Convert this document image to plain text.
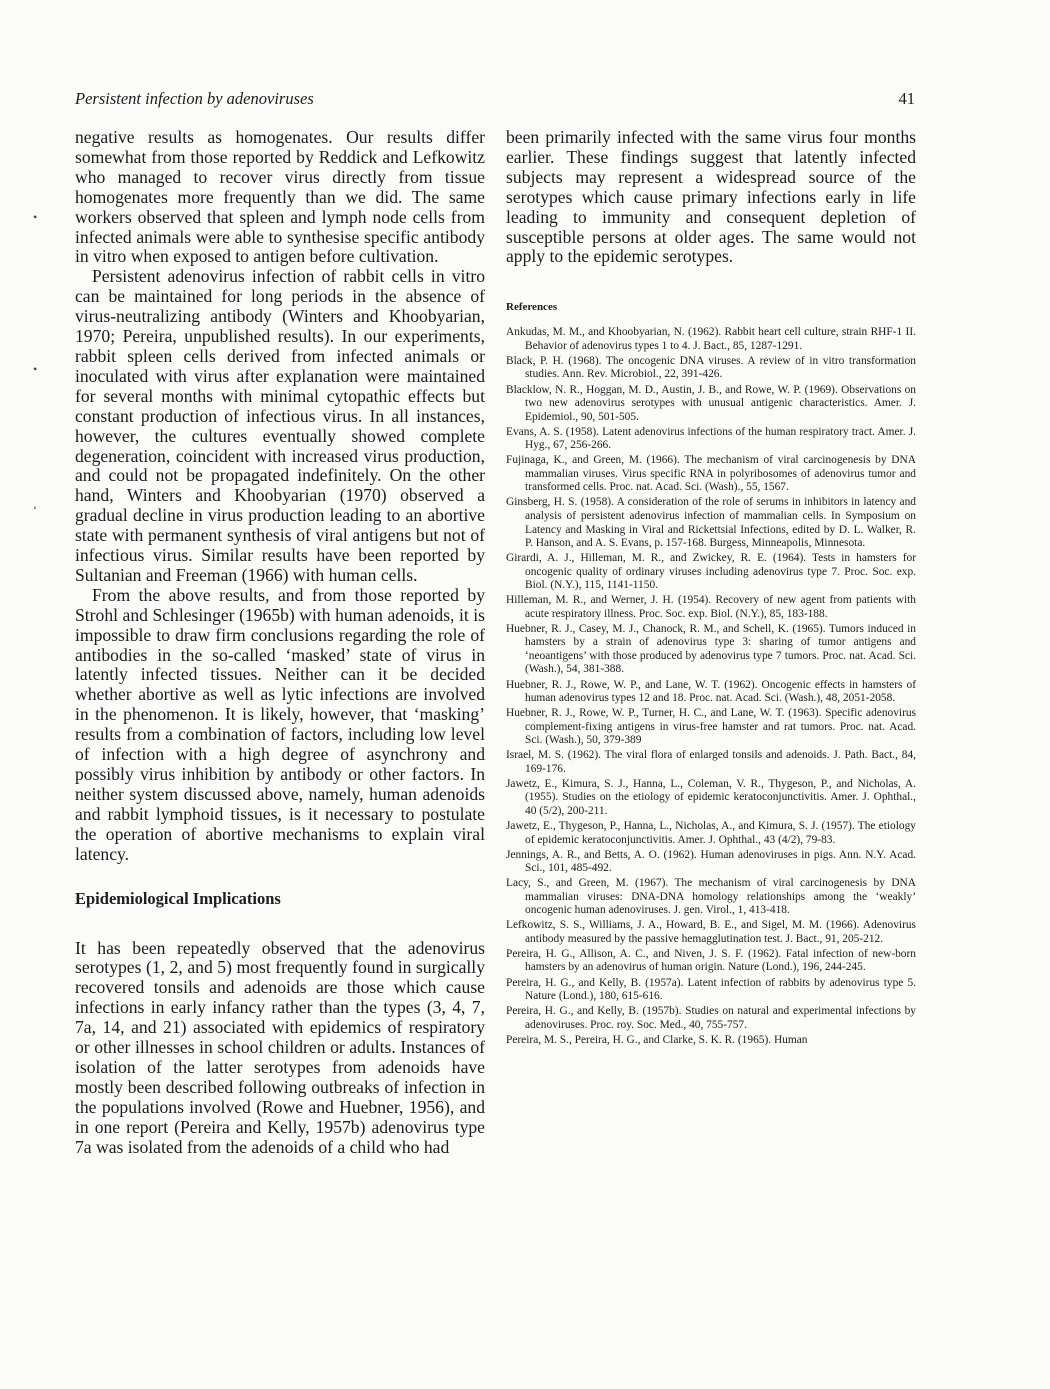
Persistent infection by adenoviruses	41
•
•
‘

negative results as homogenates. Our results differ somewhat from those reported by Reddick and Lefkowitz who managed to recover virus directly from tissue homogenates more frequently than we did. The same workers observed that spleen and lymph node cells from infected animals were able to synthesise specific antibody in vitro when exposed to antigen before cultivation.

Persistent adenovirus infection of rabbit cells in vitro can be maintained for long periods in the absence of virus-neutralizing antibody (Winters and Khoobyarian, 1970; Pereira, unpublished results). In our experiments, rabbit spleen cells derived from infected animals or inoculated with virus after explanation were maintained for several months with minimal cytopathic effects but constant production of infectious virus. In all instances, however, the cultures eventually showed complete degeneration, coincident with increased virus production, and could not be propagated indefinitely. On the other hand, Winters and Khoobyarian (1970) observed a gradual decline in virus production leading to an abortive state with permanent synthesis of viral antigens but not of infectious virus. Similar results have been reported by Sultanian and Freeman (1966) with human cells.

From the above results, and from those reported by Strohl and Schlesinger (1965b) with human adenoids, it is impossible to draw firm conclusions regarding the role of antibodies in the so-called ‘masked’ state of virus in latently infected tissues. Neither can it be decided whether abortive as well as lytic infections are involved in the phenomenon. It is likely, however, that ‘masking’ results from a combination of factors, including low level of infection with a high degree of asynchrony and possibly virus inhibition by antibody or other factors. In neither system discussed above, namely, human adenoids and rabbit lymphoid tissues, is it necessary to postulate the operation of abortive mechanisms to explain viral latency.

Epidemiological Implications

It has been repeatedly observed that the adenovirus serotypes (1, 2, and 5) most frequently found in surgically recovered tonsils and adenoids are those which cause infections in early infancy rather than the types (3, 4, 7, 7a, 14, and 21) associated with epidemics of respiratory or other illnesses in school children or adults. Instances of isolation of the latter serotypes from adenoids have mostly been described following outbreaks of infection in the populations involved (Rowe and Huebner, 1956), and in one report (Pereira and Kelly, 1957b) adenovirus type 7a was isolated from the adenoids of a child who had

been primarily infected with the same virus four months earlier. These findings suggest that latently infected subjects may represent a widespread source of the serotypes which cause primary infections early in life leading to immunity and consequent depletion of susceptible persons at older ages. The same would not apply to the epidemic serotypes.

References

Ankudas, M. M., and Khoobyarian, N. (1962). Rabbit heart cell culture, strain RHF-1 II. Behavior of adenovirus types 1 to 4. J. Bact., 85, 1287-1291.

Black, P. H. (1968). The oncogenic DNA viruses. A review of in vitro transformation studies. Ann. Rev. Microbiol., 22, 391-426.

Blacklow, N. R., Hoggan, M. D., Austin, J. B., and Rowe, W. P. (1969). Observations on two new adenovirus serotypes with unusual antigenic characteristics. Amer. J. Epidemiol., 90, 501-505.

Evans, A. S. (1958). Latent adenovirus infections of the human respiratory tract. Amer. J. Hyg., 67, 256-266.

Fujinaga, K., and Green, M. (1966). The mechanism of viral carcinogenesis by DNA mammalian viruses. Virus specific RNA in polyribosomes of adenovirus tumor and transformed cells. Proc. nat. Acad. Sci. (Wash)., 55, 1567.

Ginsberg, H. S. (1958). A consideration of the role of serums in inhibitors in latency and analysis of persistent adenovirus infection of mammalian cells. In Symposium on Latency and Masking in Viral and Rickettsial Infections, edited by D. L. Walker, R. P. Hanson, and A. S. Evans, p. 157-168. Burgess, Minneapolis, Minnesota.

Girardi, A. J., Hilleman, M. R., and Zwickey, R. E. (1964). Tests in hamsters for oncogenic quality of ordinary viruses including adenovirus type 7. Proc. Soc. exp. Biol. (N.Y.), 115, 1141-1150.

Hilleman, M. R., and Werner, J. H. (1954). Recovery of new agent from patients with acute respiratory illness. Proc. Soc. exp. Biol. (N.Y.), 85, 183-188.

Huebner, R. J., Casey, M. J., Chanock, R. M., and Schell, K. (1965). Tumors induced in hamsters by a strain of adenovirus type 3: sharing of tumor antigens and ‘neoantigens’ with those produced by adenovirus type 7 tumors. Proc. nat. Acad. Sci. (Wash.), 54, 381-388.

Huebner, R. J., Rowe, W. P., and Lane, W. T. (1962). Oncogenic effects in hamsters of human adenovirus types 12 and 18. Proc. nat. Acad. Sci. (Wash.), 48, 2051-2058.

Huebner, R. J., Rowe, W. P., Turner, H. C., and Lane, W. T. (1963). Specific adenovirus complement-fixing antigens in virus-free hamster and rat tumors. Proc. nat. Acad. Sci. (Wash.), 50, 379-389

Israel, M. S. (1962). The viral flora of enlarged tonsils and adenoids. J. Path. Bact., 84, 169-176.

Jawetz, E., Kimura, S. J., Hanna, L., Coleman, V. R., Thygeson, P., and Nicholas, A. (1955). Studies on the etiology of epidemic keratoconjunctivitis. Amer. J. Ophthal., 40 (5/2), 200-211.

Jawetz, E., Thygeson, P., Hanna, L., Nicholas, A., and Kimura, S. J. (1957). The etiology of epidemic keratoconjunctivitis. Amer. J. Ophthal., 43 (4/2), 79-83.

Jennings, A. R., and Betts, A. O. (1962). Human adenoviruses in pigs. Ann. N.Y. Acad. Sci., 101, 485-492.

Lacy, S., and Green, M. (1967). The mechanism of viral carcinogenesis by DNA mammalian viruses: DNA-DNA homology relationships among the ‘weakly’ oncogenic human adenoviruses. J. gen. Virol., 1, 413-418.

Lefkowitz, S. S., Williams, J. A., Howard, B. E., and Sigel, M. M. (1966). Adenovirus antibody measured by the passive hemagglutination test. J. Bact., 91, 205-212.

Pereira, H. G., Allison, A. C., and Niven, J. S. F. (1962). Fatal infection of new-born hamsters by an adenovirus of human origin. Nature (Lond.), 196, 244-245.

Pereira, H. G., and Kelly, B. (1957a). Latent infection of rabbits by adenovirus type 5. Nature (Lond.), 180, 615-616.

Pereira, H. G., and Kelly, B. (1957b). Studies on natural and experimental infections by adenoviruses. Proc. roy. Soc. Med., 40, 755-757.

Pereira, M. S., Pereira, H. G., and Clarke, S. K. R. (1965). Human
